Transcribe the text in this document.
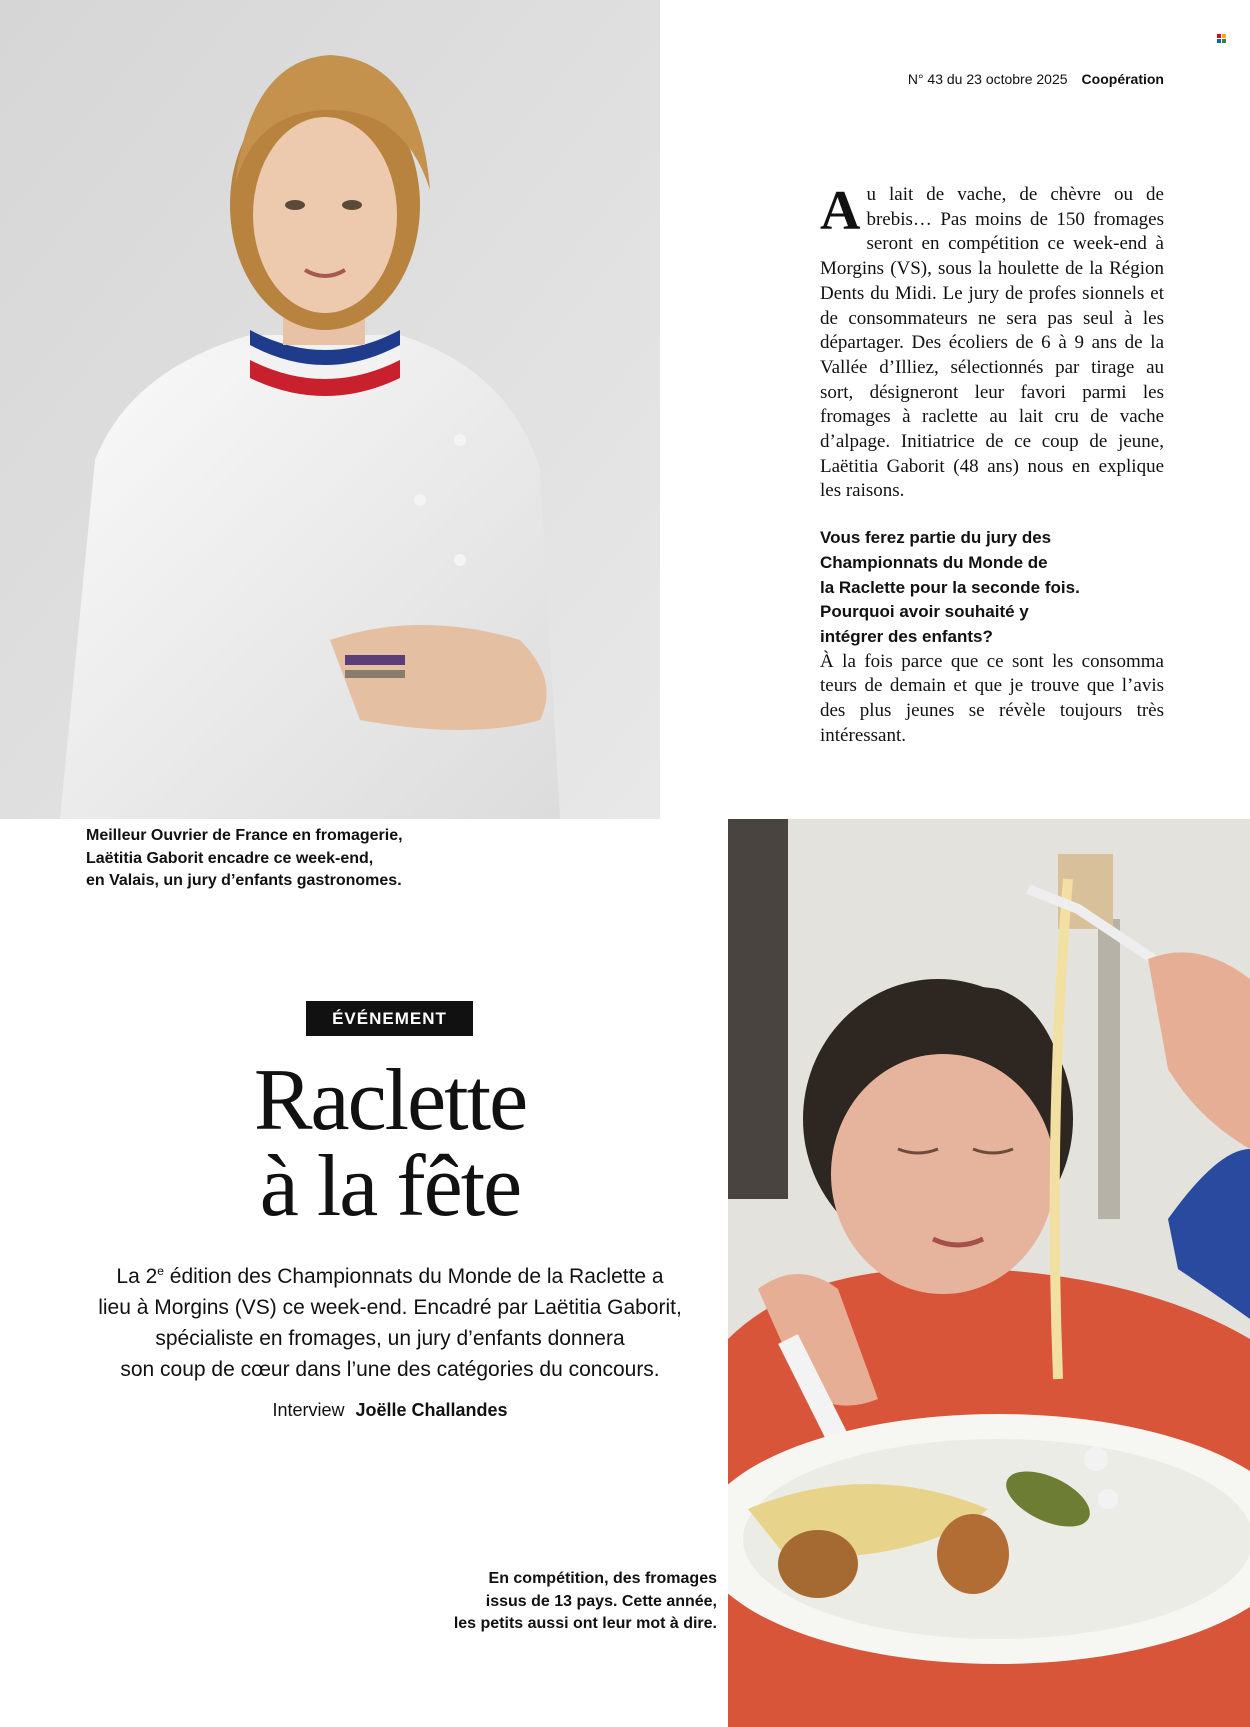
N° 43 du 23 octobre 2025 Coopération

A u lait de vache, de chèvre ou de brebis… Pas moins de 150 fromages seront en compétition ce week-end à Morgins (VS), sous la houlette de la Région Dents du Midi. Le jury de profes sionnels et de consommateurs ne sera pas seul à les départager. Des écoliers de 6 à 9 ans de la Vallée d’Illiez, sélectionnés par tirage au sort, désigneront leur favori parmi les fromages à raclette au lait cru de vache d’alpage. Initiatrice de ce coup de jeune, Laëtitia Gaborit (48 ans) nous en explique les raisons.

Vous ferez partie du jury des
Championnats du Monde de
la Raclette pour la seconde fois.
Pourquoi avoir souhaité y
intégrer des enfants?

À la fois parce que ce sont les consomma teurs de demain et que je trouve que l’avis des plus jeunes se révèle toujours très intéressant.

Meilleur Ouvrier de France en fromagerie,
Laëtitia Gaborit encadre ce week-end,
en Valais, un jury d’enfants gastronomes.
ÉVÉNEMENT
Raclette
à la fête
La 2e édition des Championnats du Monde de la Raclette a
lieu à Morgins (VS) ce week-end. Encadré par Laëtitia Gaborit,
spécialiste en fromages, un jury d’enfants donnera
son coup de cœur dans l’une des catégories du concours.
Interview Joëlle Challandes
En compétition, des fromages
issus de 13 pays. Cette année,
les petits aussi ont leur mot à dire.
